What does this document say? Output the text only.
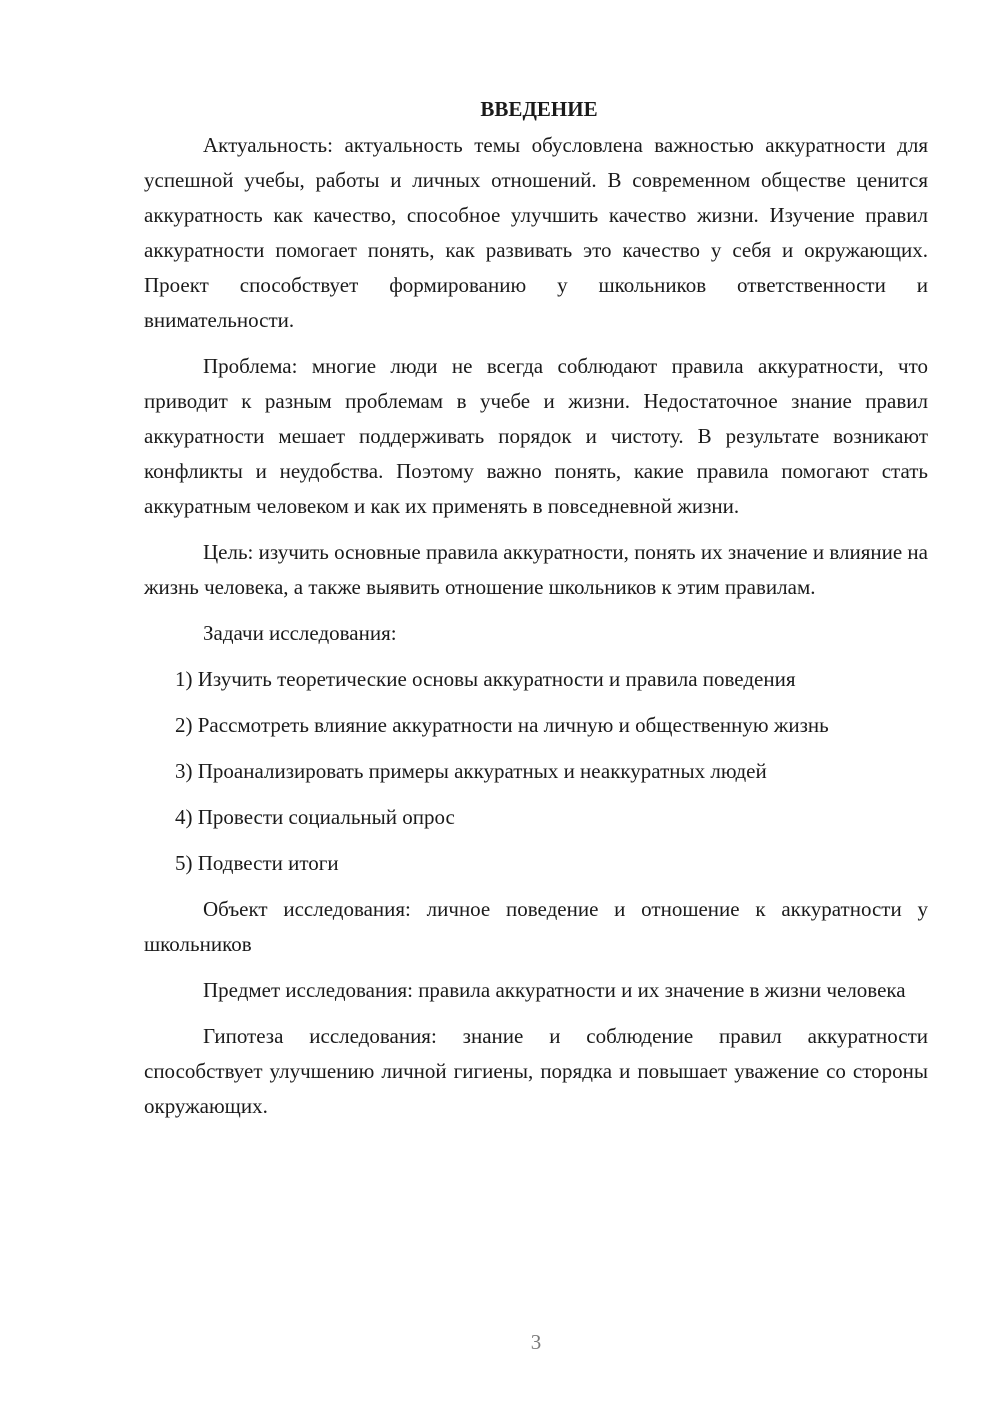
ВВЕДЕНИЕ

Актуальность: актуальность темы обусловлена важностью аккуратности для успешной учебы, работы и личных отношений. В современном обществе ценится аккуратность как качество, способное улучшить качество жизни. Изучение правил аккуратности помогает понять, как развивать это качество у себя и окружающих. Проект способствует формированию у школьников ответственности и внимательности.

Проблема: многие люди не всегда соблюдают правила аккуратности, что приводит к разным проблемам в учебе и жизни. Недостаточное знание правил аккуратности мешает поддерживать порядок и чистоту. В результате возникают конфликты и неудобства. Поэтому важно понять, какие правила помогают стать аккуратным человеком и как их применять в повседневной жизни.

Цель: изучить основные правила аккуратности, понять их значение и влияние на жизнь человека, а также выявить отношение школьников к этим правилам.

Задачи исследования:

1) Изучить теоретические основы аккуратности и правила поведения

2) Рассмотреть влияние аккуратности на личную и общественную жизнь

3) Проанализировать примеры аккуратных и неаккуратных людей

4) Провести социальный опрос

5) Подвести итоги

Объект исследования: личное поведение и отношение к аккуратности у школьников

Предмет исследования: правила аккуратности и их значение в жизни человека

Гипотеза исследования: знание и соблюдение правил аккуратности способствует улучшению личной гигиены, порядка и повышает уважение со стороны окружающих.

3
